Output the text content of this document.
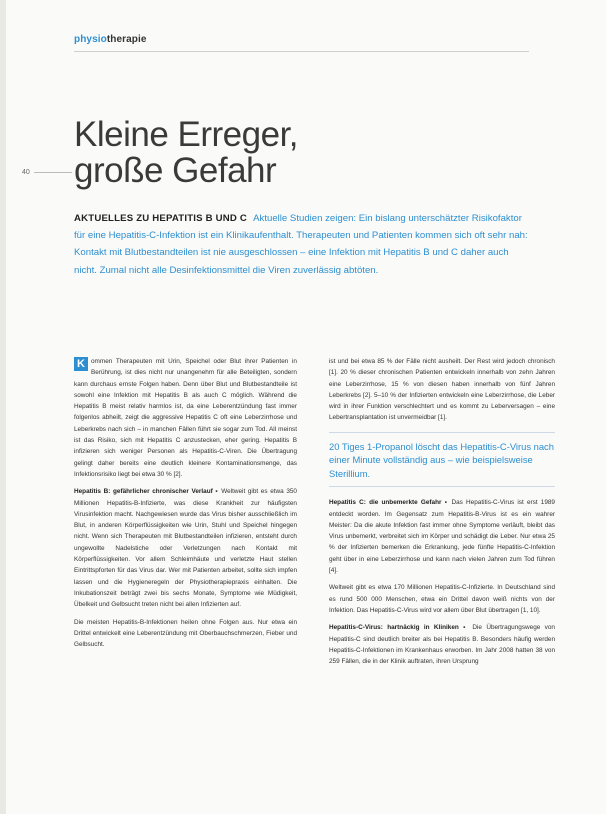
physiotherapie
40
Kleine Erreger,
große Gefahr
AKTUELLES ZU HEPATITIS B UND C Aktuelle Studien zeigen: Ein bislang unterschätzter Risikofaktor für eine Hepatitis-C-Infektion ist ein Klinikaufenthalt. Therapeuten und Patienten kommen sich oft sehr nah: Kontakt mit Blutbestandteilen ist nie ausgeschlossen – eine Infektion mit Hepatitis B und C daher auch nicht. Zumal nicht alle Desinfektionsmittel die Viren zuverlässig abtöten.

K ommen Therapeuten mit Urin, Speichel oder Blut ihrer Patienten in Berührung, ist dies nicht nur unangenehm für alle Beteiligten, sondern kann durchaus ernste Folgen haben. Denn über Blut und Blutbestandteile ist sowohl eine Infektion mit Hepatitis B als auch C möglich. Während die Hepatitis B meist relativ harmlos ist, da eine Leberentzündung fast immer folgenlos abheilt, zeigt die aggressive Hepatitis C oft eine Leberzirrhose und Leberkrebs nach sich – in manchen Fällen führt sie sogar zum Tod. All meinst ist das Risiko, sich mit Hepatitis C anzustecken, eher gering. Hepatitis B infizieren sich weniger Personen als Hepatitis-C-Viren. Die Übertragung gelingt daher bereits eine deutlich kleinere Kontaminationsmenge, das Infektionsrisiko liegt bei etwa 30 % [2].

Hepatitis B: gefährlicher chronischer Verlauf ▪ Weltweit gibt es etwa 350 Millionen Hepatitis-B-Infizierte, was diese Krankheit zur häufigsten Virusinfektion macht. Nachgewiesen wurde das Virus bisher ausschließlich im Blut, in anderen Körperflüssigkeiten wie Urin, Stuhl und Speichel hingegen nicht. Wenn sich Therapeuten mit Blutbestandteilen infizieren, entsteht durch ungewollte Nadelstiche oder Verletzungen nach Kontakt mit Körperflüssigkeiten. Vor allem Schleimhäute und verletzte Haut stellen Eintrittspforten für das Virus dar. Wer mit Patienten arbeitet, sollte sich impfen lassen und die Hygieneregeln der Physiotherapiepraxis einhalten. Die Inkubationszeit beträgt zwei bis sechs Monate, Symptome wie Müdigkeit, Übelkeit und Gelbsucht treten nicht bei allen Infizierten auf.

Die meisten Hepatitis-B-Infektionen heilen ohne Folgen aus. Nur etwa ein Drittel entwickelt eine Leberentzündung mit Oberbauchschmerzen, Fieber und Gelbsucht.

ist und bei etwa 85 % der Fälle nicht ausheilt. Der Rest wird jedoch chronisch [1]. 20 % dieser chronischen Patienten entwickeln innerhalb von zehn Jahren eine Leberzirrhose, 15 % von diesen haben innerhalb von fünf Jahren Leberkrebs [2]. 5–10 % der Infizierten entwickeln eine Leberzirrhose, die Leber wird in ihrer Funktion verschlechtert und es kommt zu Leberversagen – eine Lebertransplantation ist unvermeidbar [1].

20 Tiges 1-Propanol löscht das Hepatitis-C-Virus nach einer Minute vollständig aus – wie beispielsweise Sterillium.

Hepatitis C: die unbemerkte Gefahr ▪ Das Hepatitis-C-Virus ist erst 1989 entdeckt worden. Im Gegensatz zum Hepatitis-B-Virus ist es ein wahrer Meister: Da die akute Infektion fast immer ohne Symptome verläuft, bleibt das Virus unbemerkt, verbreitet sich im Körper und schädigt die Leber. Nur etwa 25 % der Infizierten bemerken die Erkrankung, jede fünfte Hepatitis-C-Infektion geht über in eine Leberzirrhose und kann nach vielen Jahren zum Tod führen [4].

Weltweit gibt es etwa 170 Millionen Hepatitis-C-Infizierte. In Deutschland sind es rund 500 000 Menschen, etwa ein Drittel davon weiß nichts von der Infektion. Das Hepatitis-C-Virus wird vor allem über Blut übertragen [1, 10].

Hepatitis-C-Virus: hartnäckig in Kliniken ▪ Die Übertragungswege von Hepatitis-C sind deutlich breiter als bei Hepatitis B. Besonders häufig werden Hepatitis-C-Infektionen im Krankenhaus erworben. Im Jahr 2008 hatten 38 von 259 Fällen, die in der Klinik auftraten, ihren Ursprung
